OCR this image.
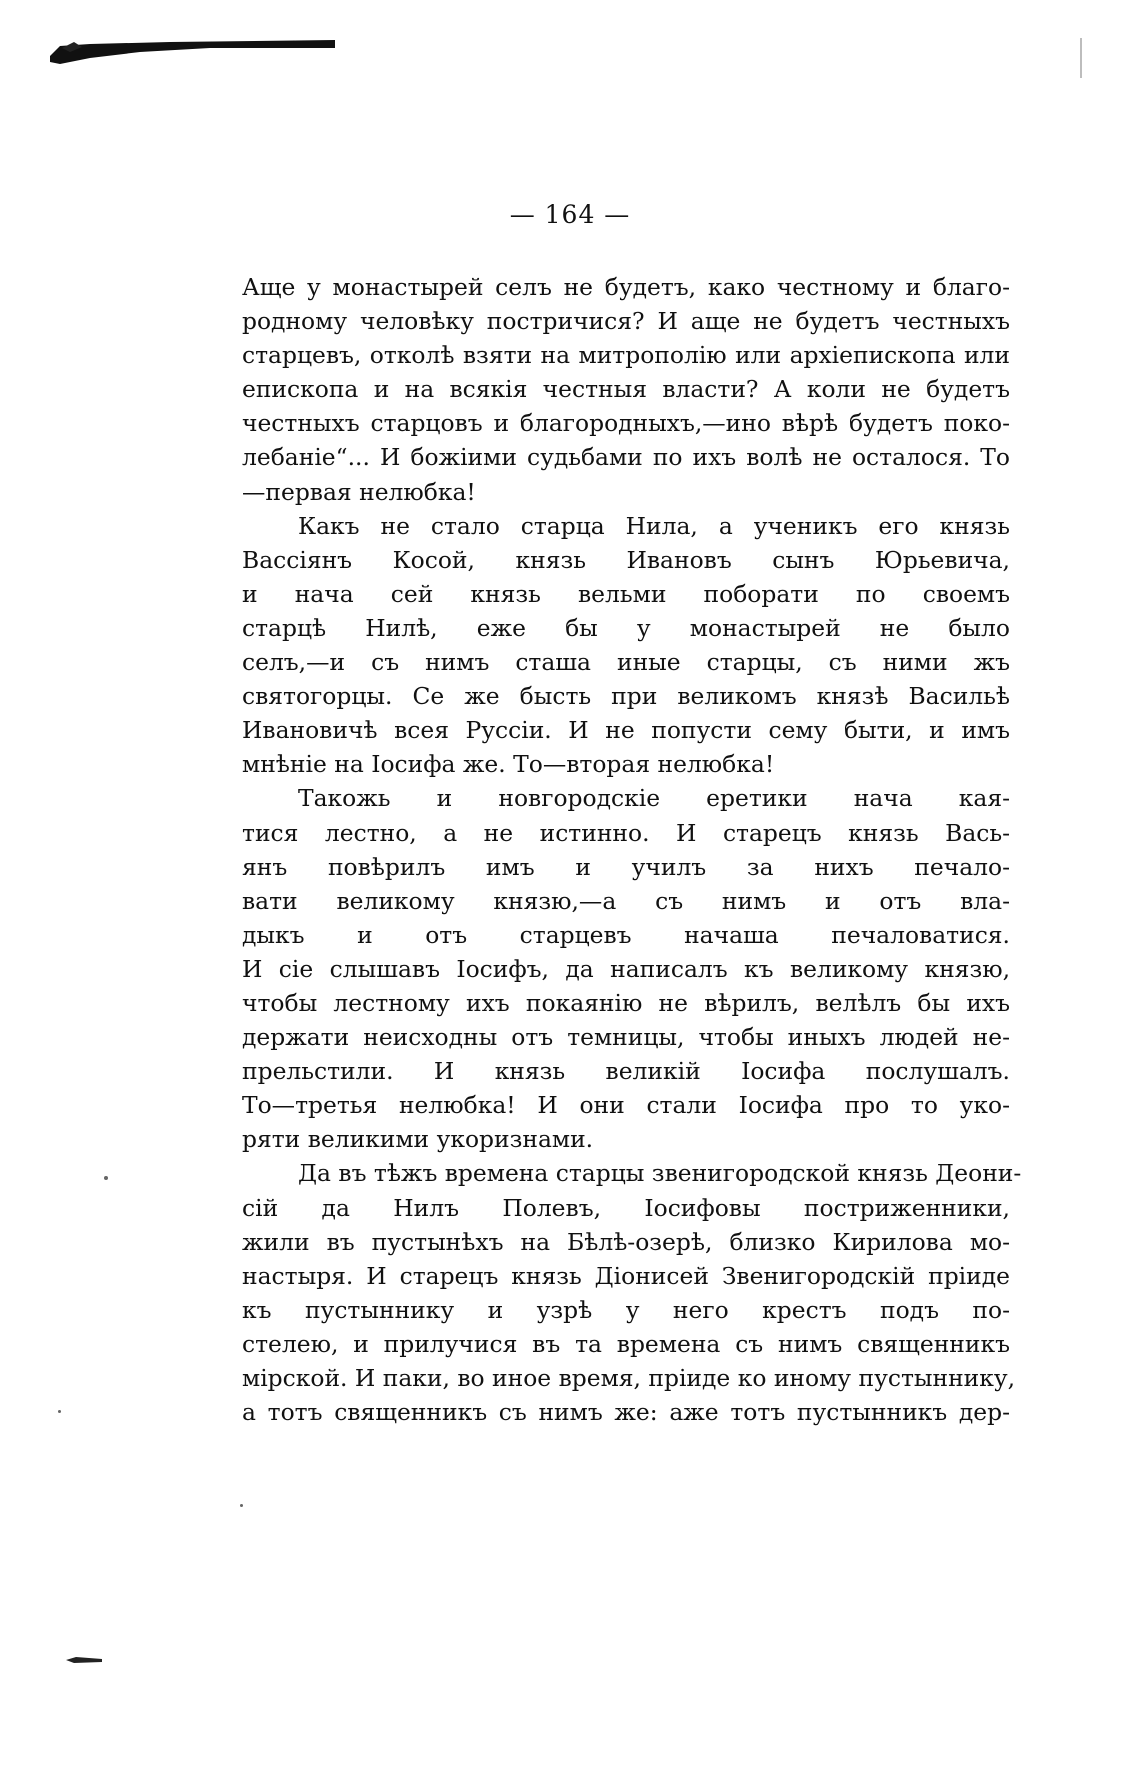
— 164 —
Аще у монастырей селъ не будетъ, како честному и благо-
родному человѣку постричися? И аще не будетъ честныхъ
старцевъ, отколѣ взяти на митрополію или архіепископа или
епископа и на всякія честныя власти? А коли не будетъ
честныхъ старцовъ и благородныхъ,—ино вѣрѣ будетъ поко-
лебаніе“... И божіими судьбами по ихъ волѣ не осталося. То
—первая нелюбка!
Какъ не стало старца Нила, а ученикъ его князь
Вассіянъ Косой, князь Ивановъ сынъ Юрьевича,
и нача сей князь вельми поборати по своемъ
старцѣ Нилѣ, еже бы у монастырей не было
селъ,—и съ нимъ сташа иные старцы, съ ними жъ
святогорцы. Се же бысть при великомъ князѣ Васильѣ
Ивановичѣ всея Руссіи. И не попусти сему быти, и имъ
мнѣніе на Іосифа же. То—вторая нелюбка!
Такожь и новгородскіе еретики нача кая-
тися лестно, а не истинно. И старецъ князь Вась-
янъ повѣрилъ имъ и училъ за нихъ печало-
вати великому князю,—а съ нимъ и отъ вла-
дыкъ и отъ старцевъ начаша печаловатися.
И сіе слышавъ Іосифъ, да написалъ къ великому князю,
чтобы лестному ихъ покаянію не вѣрилъ, велѣлъ бы ихъ
держати неисходны отъ темницы, чтобы иныхъ людей не-
прельстили. И князь великій Іосифа послушалъ.
То—третья нелюбка! И они стали Іосифа про то уко-
ряти великими укоризнами.
Да въ тѣжъ времена старцы звенигородской князь Деони-
сій да Нилъ Полевъ, Іосифовы постриженники,
жили въ пустынѣхъ на Бѣлѣ-озерѣ, близко Кирилова мо-
настыря. И старецъ князь Діонисей Звенигородскій пріиде
къ пустыннику и узрѣ у него крестъ подъ по-
стелею, и прилучися въ та времена съ нимъ священникъ
мірской. И паки, во иное время, пріиде ко иному пустыннику,
а тотъ священникъ съ нимъ же: аже тотъ пустынникъ дер-
